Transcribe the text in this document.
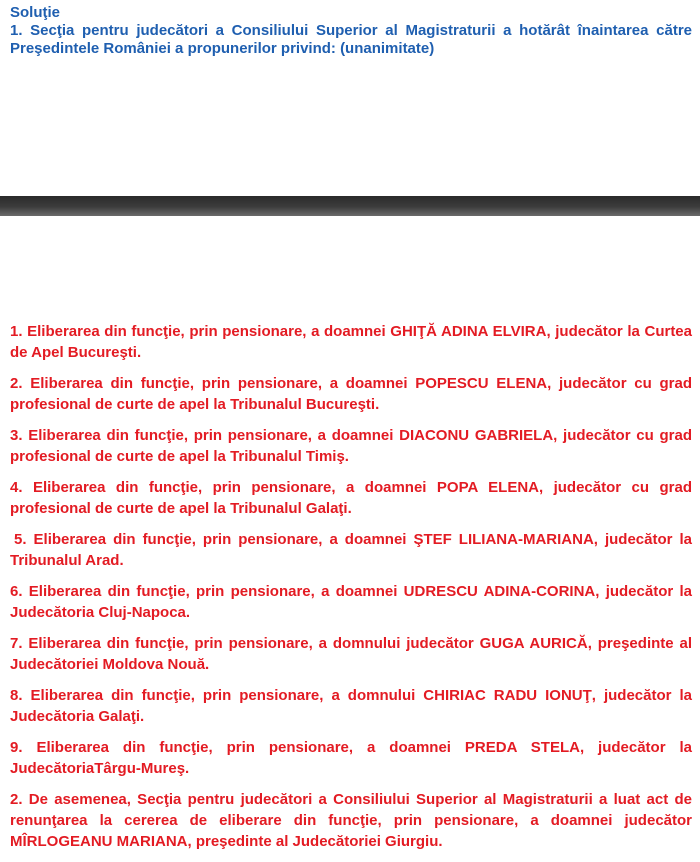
Soluţie
1. Secţia pentru judecători a Consiliului Superior al Magistraturii a hotărât înaintarea către Preşedintele României a propunerilor privind: (unanimitate)

1. Eliberarea din funcţie, prin pensionare, a doamnei GHIŢĂ ADINA ELVIRA, judecător la Curtea de Apel Bucureşti.

2. Eliberarea din funcţie, prin pensionare, a doamnei POPESCU ELENA, judecător cu grad profesional de curte de apel la Tribunalul Bucureşti.

3. Eliberarea din funcţie, prin pensionare, a doamnei DIACONU GABRIELA, judecător cu grad profesional de curte de apel la Tribunalul Timiş.

4. Eliberarea din funcţie, prin pensionare, a doamnei POPA ELENA, judecător cu grad profesional de curte de apel la Tribunalul Galaţi.

5. Eliberarea din funcţie, prin pensionare, a doamnei ŞTEF LILIANA-MARIANA, judecător la Tribunalul Arad.

6. Eliberarea din funcţie, prin pensionare, a doamnei UDRESCU ADINA-CORINA, judecător la Judecătoria Cluj-Napoca.

7. Eliberarea din funcţie, prin pensionare, a domnului judecător GUGA AURICĂ, preşedinte al Judecătoriei Moldova Nouă.

8. Eliberarea din funcţie, prin pensionare, a domnului CHIRIAC RADU IONUŢ, judecător la Judecătoria Galaţi.

9. Eliberarea din funcţie, prin pensionare, a doamnei PREDA STELA, judecător la JudecătoriaTârgu-Mureş.

2. De asemenea, Secţia pentru judecători a Consiliului Superior al Magistraturii a luat act de renunţarea la cererea de eliberare din funcţie, prin pensionare, a doamnei judecător MÎRLOGEANU MARIANA, preşedinte al Judecătoriei Giurgiu.
